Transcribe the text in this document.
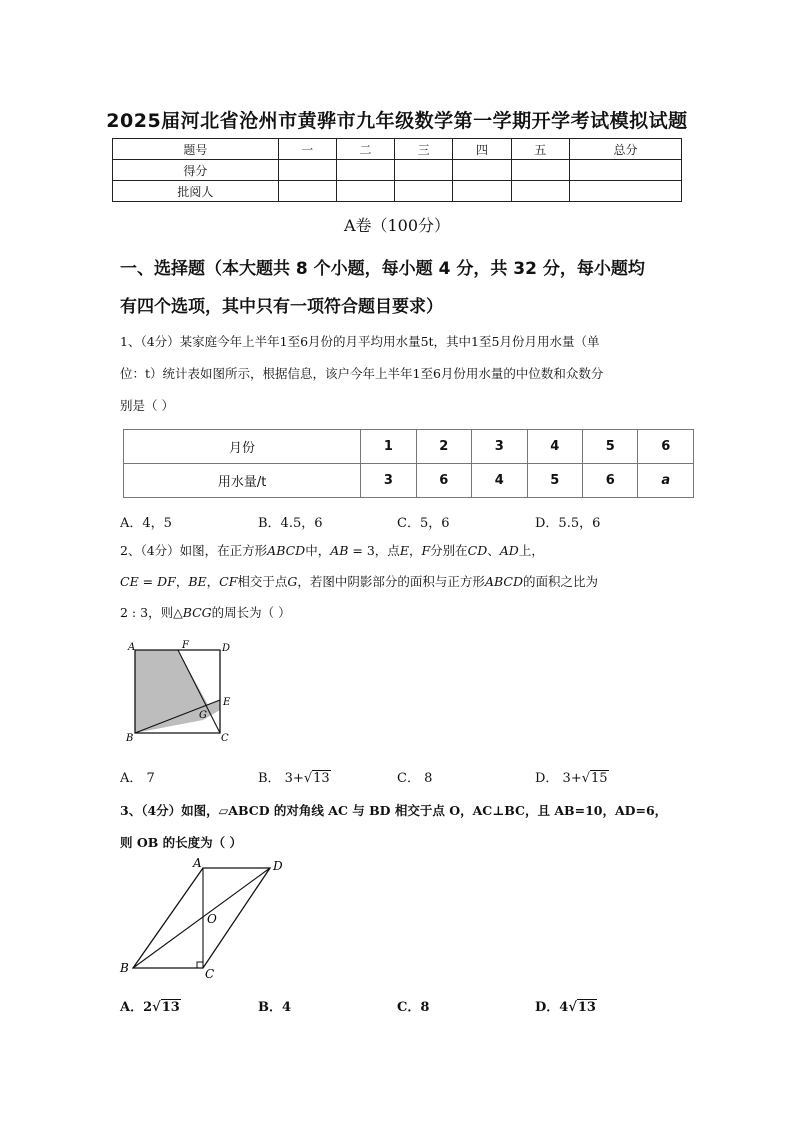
2025届河北省沧州市黄骅市九年级数学第一学期开学考试模拟试题
题号	一	二	三	四	五	总分
得分						
批阅人						
A卷（100分）
一、选择题（本大题共 8 个小题，每小题 4 分，共 32 分，每小题均
有四个选项，其中只有一项符合题目要求）
1、（4分）某家庭今年上半年1至6月份的月平均用水量5t，其中1至5月份月用水量（单
位：t）统计表如图所示，根据信息，该户今年上半年1至6月份用水量的中位数和众数分
别是（ ）
月份	1	2	3	4	5	6
用水量/t	3	6	4	5	6	a
A．4，5	B．4.5，6	C．5，6	D．5.5，6
2、（4分）如图，在正方形ABCD中，AB = 3，点E，F分别在CD、AD上，
CE = DF，BE，CF相交于点G，若图中阴影部分的面积与正方形ABCD的面积之比为
2 : 3，则△BCG的周长为（ ）
A	F	D
E
G
B	C
A． 7	B． 3+√13	C． 8	D． 3+√15
3、（4分）如图，▱ABCD 的对角线 AC 与 BD 相交于点 O，AC⊥BC，且 AB=10，AD=6，
则 OB 的长度为（ ）
A	D
O
B	C
A．2√13	B．4	C．8	D．4√13
